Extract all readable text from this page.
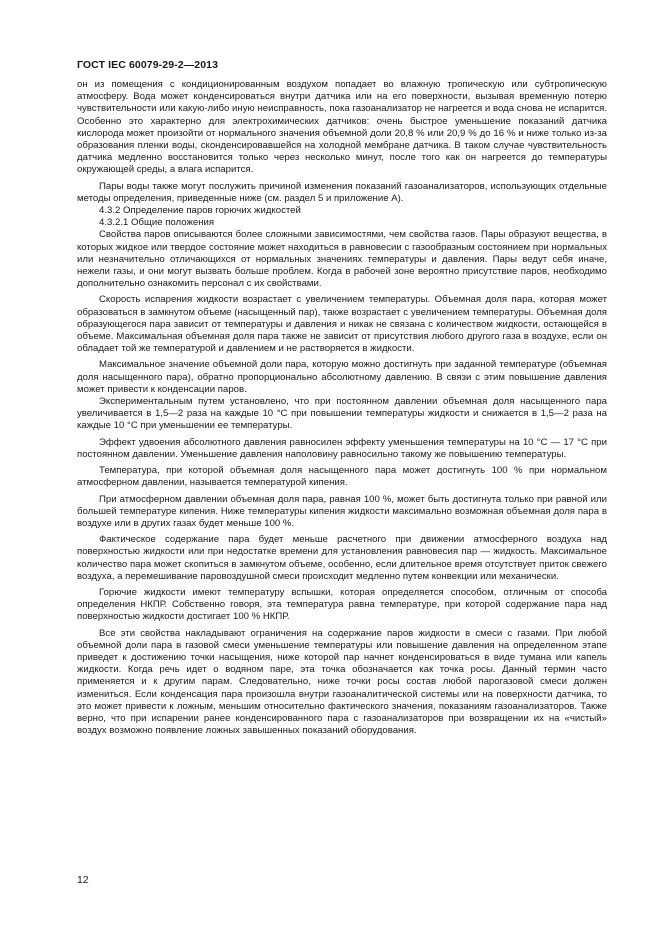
ГОСТ IEC 60079-29-2—2013

он из помещения с кондиционированным воздухом попадает во влажную тропическую или субтропическую атмосферу. Вода может конденсироваться внутри датчика или на его поверхности, вызывая временную потерю чувствительности или какую-либо иную неисправность, пока газоанализатор не нагреется и вода снова не испарится. Особенно это характерно для электрохимических датчиков: очень быстрое уменьшение показаний датчика кислорода может произойти от нормального значения объемной доли 20,8 % или 20,9 % до 16 % и ниже только из-за образования пленки воды, сконденсировавшейся на холодной мембране датчика. В таком случае чувствительность датчика медленно восстановится только через несколько минут, после того как он нагреется до температуры окружающей среды, а влага испарится.

Пары воды также могут послужить причиной изменения показаний газоанализаторов, использующих отдельные методы определения, приведенные ниже (см. раздел 5 и приложение А).

4.3.2 Определение паров горючих жидкостей

4.3.2.1 Общие положения

Свойства паров описываются более сложными зависимостями, чем свойства газов. Пары образуют вещества, в которых жидкое или твердое состояние может находиться в равновесии с газообразным состоянием при нормальных или незначительно отличающихся от нормальных значениях температуры и давления. Пары ведут себя иначе, нежели газы, и они могут вызвать больше проблем. Когда в рабочей зоне вероятно присутствие паров, необходимо дополнительно ознакомить персонал с их свойствами.

Скорость испарения жидкости возрастает с увеличением температуры. Объемная доля пара, которая может образоваться в замкнутом объеме (насыщенный пар), также возрастает с увеличением температуры. Объемная доля образующегося пара зависит от температуры и давления и никак не связана с количеством жидкости, остающейся в объеме. Максимальная объемная доля пара также не зависит от присутствия любого другого газа в воздухе, если он обладает той же температурой и давлением и не растворяется в жидкости.

Максимальное значение объемной доли пара, которую можно достигнуть при заданной температуре (объемная доля насыщенного пара), обратно пропорционально абсолютному давлению. В связи с этим повышение давления может привести к конденсации паров.

Экспериментальным путем установлено, что при постоянном давлении объемная доля насыщенного пара увеличивается в 1,5—2 раза на каждые 10 °С при повышении температуры жидкости и снижается в 1,5—2 раза на каждые 10 °С при уменьшении ее температуры.

Эффект удвоения абсолютного давления равносилен эффекту уменьшения температуры на 10 °С — 17 °С при постоянном давлении. Уменьшение давления наполовину равносильно такому же повышению температуры.

Температура, при которой объемная доля насыщенного пара может достигнуть 100 % при нормальном атмосферном давлении, называется температурой кипения.

При атмосферном давлении объемная доля пара, равная 100 %, может быть достигнута только при равной или большей температуре кипения. Ниже температуры кипения жидкости максимально возможная объемная доля пара в воздухе или в других газах будет меньше 100 %.

Фактическое содержание пара будет меньше расчетного при движении атмосферного воздуха над поверхностью жидкости или при недостатке времени для установления равновесия пар — жидкость. Максимальное количество пара может скопиться в замкнутом объеме, особенно, если длительное время отсутствует приток свежего воздуха, а перемешивание паровоздушной смеси происходит медленно путем конвекции или механически.

Горючие жидкости имеют температуру вспышки, которая определяется способом, отличным от способа определения НКПР. Собственно говоря, эта температура равна температуре, при которой содержание пара над поверхностью жидкости достигает 100 % НКПР.

Все эти свойства накладывают ограничения на содержание паров жидкости в смеси с газами. При любой объемной доли пара в газовой смеси уменьшение температуры или повышение давления на определенном этапе приведет к достижению точки насыщения, ниже которой пар начнет конденсироваться в виде тумана или капель жидкости. Когда речь идет о водяном паре, эта точка обозначается как точка росы. Данный термин часто применяется и к другим парам. Следовательно, ниже точки росы состав любой парогазовой смеси должен измениться. Если конденсация пара произошла внутри газоаналитической системы или на поверхности датчика, то это может привести к ложным, меньшим относительно фактического значения, показаниям газоанализаторов. Также верно, что при испарении ранее конденсированного пара с газоанализаторов при возвращении их на «чистый» воздух возможно появление ложных завышенных показаний оборудования.

12
